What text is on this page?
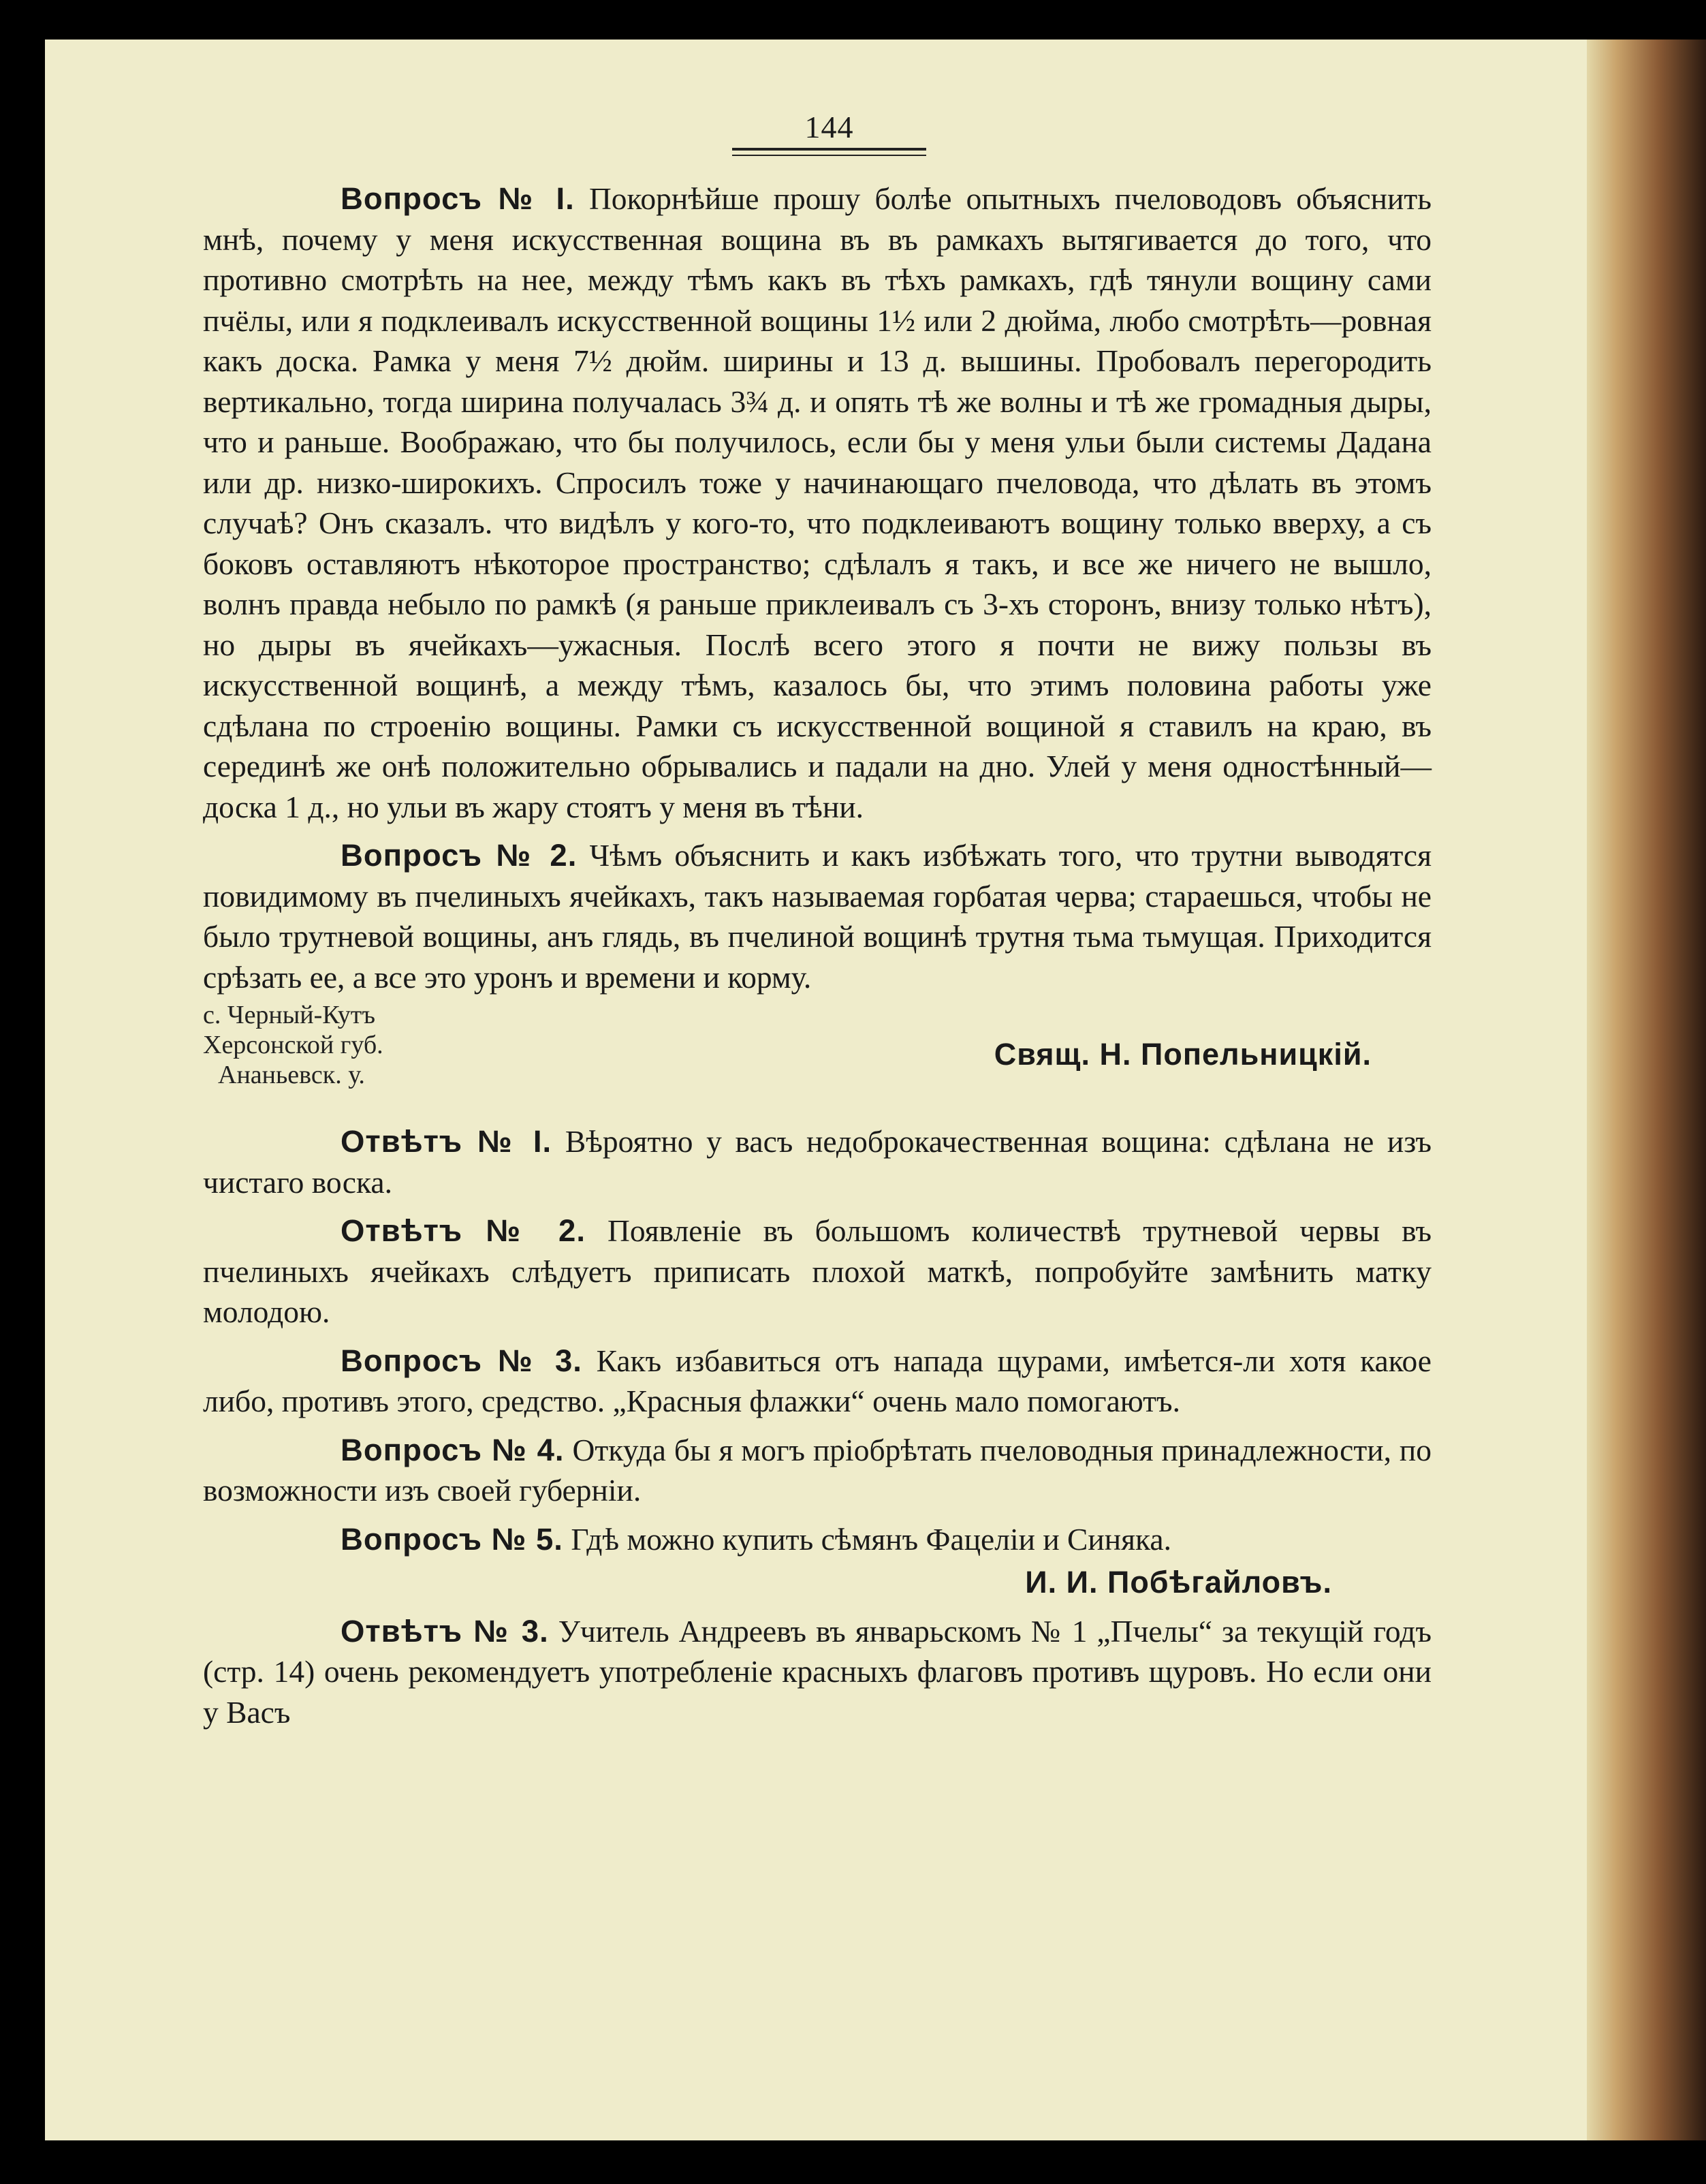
144

Вопросъ № I. Покорнѣйше прошу болѣе опытныхъ пчеловодовъ объяснить мнѣ, почему у меня искусственная вощина въ въ рамкахъ вытягивается до того, что противно смотрѣть на нее, между тѣмъ какъ въ тѣхъ рамкахъ, гдѣ тянули вощину сами пчёлы, или я подклеивалъ искусственной вощины 1½ или 2 дюйма, любо смотрѣть—ровная какъ доска. Рамка у меня 7½ дюйм. ширины и 13 д. вышины. Пробовалъ перегородить вертикально, тогда ширина получалась 3¾ д. и опять тѣ же волны и тѣ же громадныя дыры, что и раньше. Воображаю, что бы получилось, если бы у меня ульи были системы Дадана или др. низко-широкихъ. Спросилъ тоже у начинающаго пчеловода, что дѣлать въ этомъ случаѣ? Онъ сказалъ. что видѣлъ у кого-то, что подклеиваютъ вощину только вверху, а съ боковъ оставляютъ нѣкоторое пространство; сдѣлалъ я такъ, и все же ничего не вышло, волнъ правда небыло по рамкѣ (я раньше приклеивалъ съ 3-хъ сторонъ, внизу только нѣтъ), но дыры въ ячейкахъ—ужасныя. Послѣ всего этого я почти не вижу пользы въ искусственной вощинѣ, а между тѣмъ, казалось бы, что этимъ половина работы уже сдѣлана по строенію вощины. Рамки съ искусственной вощиной я ставилъ на краю, въ серединѣ же онѣ положительно обрывались и падали на дно. Улей у меня одностѣнный—доска 1 д., но ульи въ жару стоятъ у меня въ тѣни.

Вопросъ № 2. Чѣмъ объяснить и какъ избѣжать того, что трутни выводятся повидимому въ пчелиныхъ ячейкахъ, такъ называемая горбатая черва; стараешься, чтобы не было трутневой вощины, анъ глядь, въ пчелиной вощинѣ трутня тьма тьмущая. Приходится срѣзать ее, а все это уронъ и времени и корму.

с. Черный-Кутъ
Херсонской губ.
Ананьевск. у.
Свящ. Н. Попельницкій.

Отвѣтъ № I. Вѣроятно у васъ недоброкачественная вощина: сдѣлана не изъ чистаго воска.

Отвѣтъ № 2. Появленіе въ большомъ количествѣ трутневой червы въ пчелиныхъ ячейкахъ слѣдуетъ приписать плохой маткѣ, попробуйте замѣнить матку молодою.

Вопросъ № 3. Какъ избавиться отъ напада щурами, имѣется-ли хотя какое либо, противъ этого, средство. „Красныя флажки“ очень мало помогаютъ.

Вопросъ № 4. Откуда бы я могъ пріобрѣтать пчеловодныя принадлежности, по возможности изъ своей губерніи.

Вопросъ № 5. Гдѣ можно купить сѣмянъ Фацеліи и Синяка.

И. И. Побѣгайловъ.

Отвѣтъ № 3. Учитель Андреевъ въ январьскомъ № 1 „Пчелы“ за текущій годъ (стр. 14) очень рекомендуетъ употребленіе красныхъ флаговъ противъ щуровъ. Но если они у Васъ
